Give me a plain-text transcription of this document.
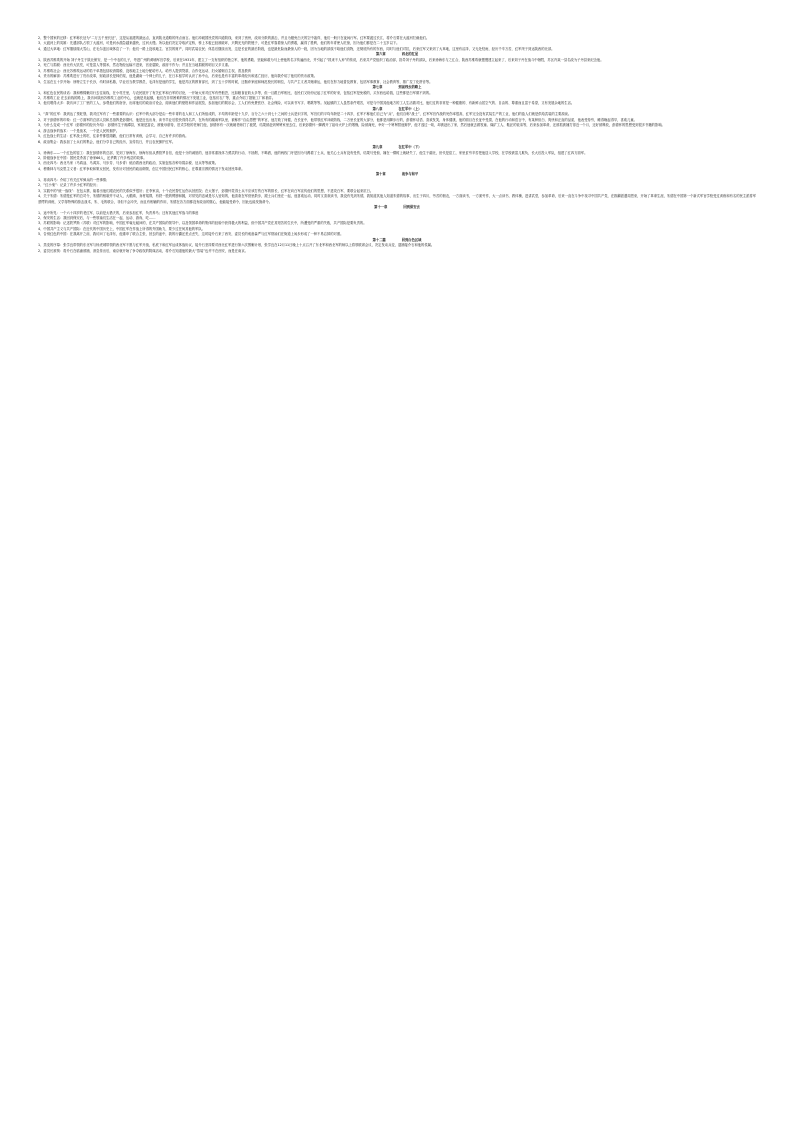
2、整个国家的迁移：红军称长征为“二万五千里长征”，这是从福建的最远点，直到陕北道路的终点而言。他们冲破国民党的四道防线，来到了贵州，改用分散的游击，并且为避免白天的空中轰炸，他们一般只在夜间行军。红军要渡过长江，将介石要在大渡河拦截他们。

3、大渡河上的英雄：先遣部队占领了大渡河，可是河水湍急越来越快，过河太慢。所以他们决定夺取泸定桥，桥上木板已经被破坏，只剩光光的铁链子，可是红军靠着惊人的勇敢，赢得了胜利，他们的年青使人吃惊，因为他们都是在二十五岁以下。

4、通过大草地：红军继续爬大雪山，在毛尔盖区域休息了一下；他们一路上没收地主、官员的财产，同时武装农民；休息后继续出发，这是长征的最后阶段，也是最危险而最惊人的一段，因为当地的部族不给他们食物，还彻底所有的东西，同时与他们对抗，后来红军又来到了大草地，这里有沼泽，又无处驻雨，经历千辛万苦，红军终于到达陕西的北部。

第六章	西北的红星

1、陕西苏维埃的开始 刘子丹生于陕北保安，是一个中农的儿子，考进广州的黄埔军官学校，后来在1931年，建立了一支有组织的独立军，他的勇敢、坚毅和敢为马上使他的名字传遍西北，并引起了“抓来不人弃”的传说，后来共产党组织了政治部，指导刘子丹的部队，后来徐海东与之汇合，陕西苏维埃就慢慢建立起来了，后来刘子丹在战斗中牺牲，苏区内某一县名改为子丹县来纪念他。

2、死亡与捐税：西北有大饥荒，可是富人等囤米，然农物经运输不进来，官吏腐败，政府不作为；并且在当地捐税的明目又多又重。

3、苏维埃社会：西北苏维埃运动的若干单措包括取消捐税、没收地主土地分配给穷人、给穷人提供贷款、合作化运动、妇女婚姻自主权、普及教育

4、货币的解剖：苏维埃进行了货币改革，财政部长是林伯渠，他是湖南一个绅士的儿子，在日本留学时认识了孙中山，后来也是有丰富的革命经历和逃亡经历，他向我介绍了他们的货币政策。

5、生活在五十岁开始：徐特立生于长沙，幼时读私塾，毕业后当教学教员，毛泽东是他的学生，他是苏区的教育部长，到了五十岁的时候，还抛弃家庭和师范校长的职位，与共产主义者共赌命运，他们在努力地普及教育，包括军事教育、社会教育等，推广拉丁化拼音等。

第七章	到前线去的路上

1、和红色农民的谈话：我和傅锦魁同行去往前线，在小村庄里，与农民展开了有关红军和白军的讨论，一开始大家对红军有些抱怨，比如粮食征收太多等，但一旦跟白军相比，农民们又纷纷记起了红军的好来，包括红军是免税的，买东西也给钱，这些都是白军做不到的。

2、苏维埃工业 在去前线的路上，我访问陕西苏维埃工业的中心，也就是吴起镇，他们在非常困难的情况下发展工业，包括纺衣厂等，重点介绍了措施工厂和抽井。

3、他们唱得太多：我访问了工厂里的工人，参观他们的宿舍，出席他们的政治讨论会，阅读他们的壁报和作品展览，参加他们的娱乐会，工人们有免费医疗、社会保险，可以读书写字、唱歌等等。吴起镇的工人虽然条件艰苦，可是与中国其他地方的工人生活做对比，他们过的非常是一种健康的、有新鲜山居空气的、自由的、尊重而且富于希望，又有发展余地的生活。

第八章	在红军中（上）

1、“真”的红军：我到达了预旺堡，我对红军有了一些重要的认识：红军中的大部分是由一些年青的农人和工人们所组成的，平均的年龄是十九岁，百分之六十到七十之间的士兵是识字的，军官们的平均年龄是二十四岁，红军不称他们自己为“兵”，他们自称“战士”，红军军官作战的死伤率很高，红军完全没有武装生产的工业，他们的敌人们就是供给武装的主要源泉。

2、对于彭德怀的印象：红一方面军的总部人员和总指挥是彭德怀，他是近伍出身，读书毕业后很快得得名声，在所有的湖南军队里，被称作“自由思想”的军官，他打败了何健，在长征中，他带领红军冲破防线，二万里长征的大部分，他都是用脚步行的，彭德怀话语、喜欢发笑，身体健康，他的面目在长征中受损，在他的行动和语言中，有某种但白、爽快和正直的品质，他表受待穷，睡得晚起得早，喜欢儿童。

3、为什么变成一个红军（彭德怀的经历介绍）：彭德怀生于湘潭县，家境是富农，被後母虐待，旧式学校的老师打他，彭德怀有一次就朝老师打了板凳，结果被赶到舅舅家里去住，后来彭德怀一脚踢开了祖母火炉上的烟锅，险被淹死，幸好一个舅舅替他辩护，他才逃过一劫，却被赶出了家，然后他就去做牧童、煤矿工人、鞋匠的徒弟等，后来参加革命，还被抓被捕打得近一个月，还好被释放，彭德怀的思想受到很多书籍的影响。

4、游击战争的战术：一个是战术，一个是人民的拥护。

5、红色战士的生活：红军战士的吃、住条件都很简陋，他们日常有训练，会学习，自己有许多的游戏。

6、政治集会：我参加了士兵们的集会，他们分享自己的经历，宣传抗日，并且农民拥护红军。

第九章	在红军中（下）

1、徐海东——一个红色的窑工：我在彭德怀的总部，见到了徐海东，徐海东但从勇管罗自信，他是十分的诚恳的，他非常重视体力勇武的行动，不抽烟，不喝酒，他的两枚门牙是因为马踢着了士兵，他关心士兵有没有受伤，结果马受惊，撞在一棵树上就缺失了，他生于湖北，世代是窑工，家里贫穷辛苦把他送入学校，在学校被富儿欺负，长大后投入军队，组建了红四方面军。

2、阶级战争在中国：国民党杀害了徐家66人，还杀戮了许多残忍的故事。

3、西北四马：西北马家（马鸿逵、马鸿宾、马步芳、马步青）统治着西北的政治，实施包括各种苛捐杂税、征兵等等政策。

4、穆斯林与马克思主义者：红军争取和策反回民，发布针对回民的政治纲领，创立中国回民红军的核心，在尊重宗教的情况下发动回民革命。

第十章	战争与和平

1、再谈四马：介绍了有关红军骑兵的一些事情；

2、“红小鬼”：记录了许多小红军的经历；

3、实践中的“统一战线”：在包头寨，能看出他们跟农民的关系似乎很好；在李家沟，十个农民帮忙运伤兵回医院；在太堡子，彭德怀觉得士兵不应该打伤白军的排长，红军在向白军宣传他们的思想，不进攻白军，要联合起来抗日。

4、关于朱德：朱德是红军的总司令，朱德的相貌并不动人，大眼睛，身材矮胖，有铁一股的臂膀和腿，对常见的忠诚是尽人皆知的，他喜欢在军营里散步，跟士兵们坐在一起，他喜欢运动，同时又喜欢读书，我没有见到朱德，我知道其他人知道朱德的故事，出生于四川，劳苦的佃农，一方面读书，一方面劳作，大一点读书，教体操，进讲武堂，参加革命，后来一直在斗争中找寻中国共产党，在推翻派遣周恩来，开始了革命生涯，朱德在中国第一个新式军官学校受过训练和有名的民主派将军蔡锷的训练，又学得特殊的游击战术，朱、毛的联合，非但不会冲突，而且有相辅的作用，朱德在各方面都没有政治的继心，他能接受命令，因此也能发施命令。

第十一章	回到保安去

1、途中所见：一个六十四岁的老红军，以前是太猎夫的，后来参加红军，负责养马；还有其他红军战斗的事迹

2、保安的生活：我回到保安后，与一些领袖们生活在一起，运动、游戏、吃……

3、苏联的影响：记述铁罗斯（苏联）对红军的影响，中国红军毫无疑问的，在共产国际的领导中，以及领国革命的集体的经验中获得极大的利益，但中国共产党在其短苦的生长中，所遭受的严重的失败，共产国际是要负责的。

4、中国共产主义与共产国际：在近代的中国历史上，中国红军在作战上所得的外国助力，要少过任何其他的军队。

5、告别红色的中国：在我离开之前，我访问了毛泽东，他重申了联合主张，回去的途中，我的行囊还差点丢失，这时接介石来了西安，委员长的戒备森严与红军领袖们在街道上闲步形成了一种不易忘掉的对照。

第十二篇	回到白色区域

1、蒸变的序幕：张学良带领的东北军与杨虎城带领的西北军不愿与红军开战，私底下和红军达成休战协议，接介石坚持要对西北红军进行第六次围剿计划，张学良在12月11日晚上十点召开了东北军和西北军的师以上将领联席会议，决定发动兵变，逮捕接介石和他的侯属。

2、委员长被拘：将介石在临潼被捕，消息传出后，南京就开始了争夺政权的阴谋活动，将介石知道他的最大“蒸装”也许不在西安，而是在南京。
